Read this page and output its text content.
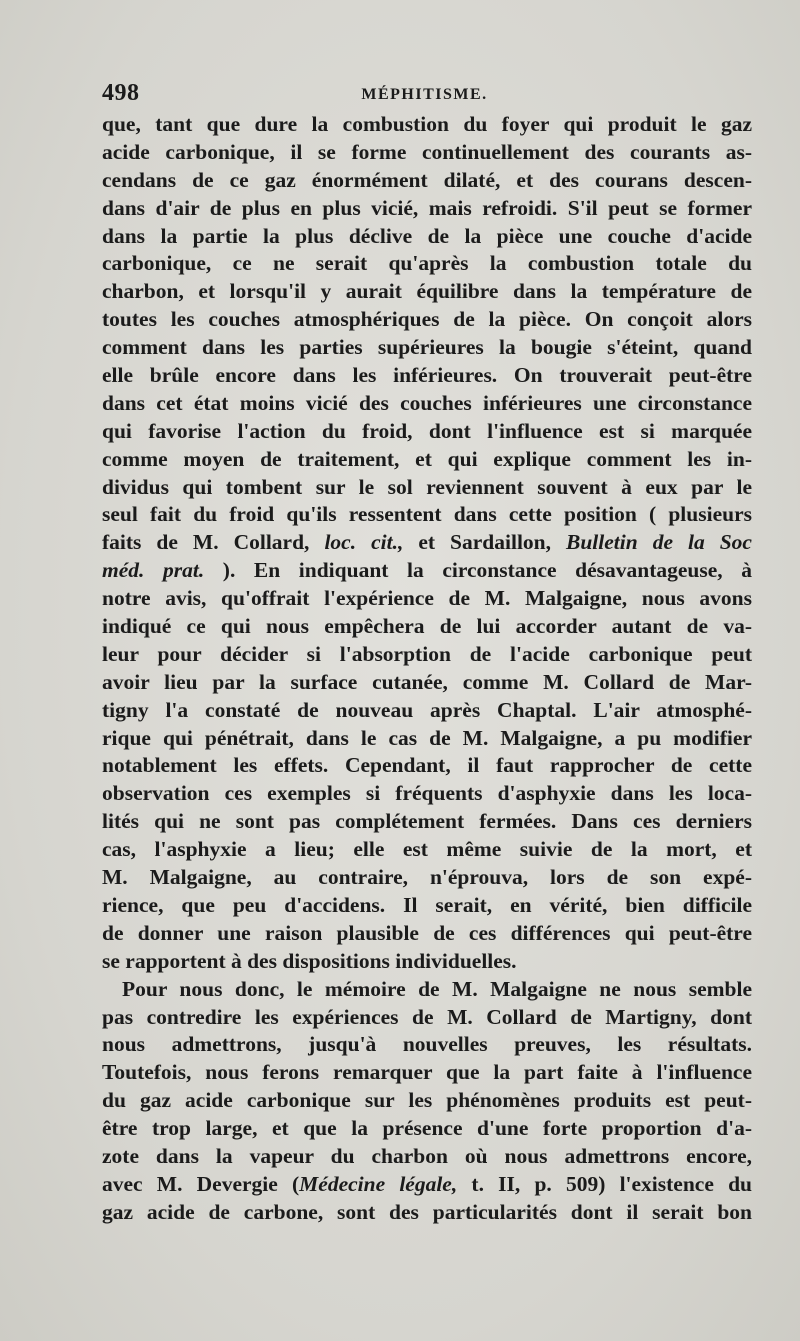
498	MÉPHITISME.
que, tant que dure la combustion du foyer qui produit le gaz
acide carbonique, il se forme continuellement des courants as-
cendans de ce gaz énormément dilaté, et des courans descen-
dans d'air de plus en plus vicié, mais refroidi. S'il peut se former
dans la partie la plus déclive de la pièce une couche d'acide
carbonique, ce ne serait qu'après la combustion totale du
charbon, et lorsqu'il y aurait équilibre dans la température de
toutes les couches atmosphériques de la pièce. On conçoit alors
comment dans les parties supérieures la bougie s'éteint, quand
elle brûle encore dans les inférieures. On trouverait peut-être
dans cet état moins vicié des couches inférieures une circonstance
qui favorise l'action du froid, dont l'influence est si marquée
comme moyen de traitement, et qui explique comment les in-
dividus qui tombent sur le sol reviennent souvent à eux par le
seul fait du froid qu'ils ressentent dans cette position ( plusieurs
faits de M. Collard, loc. cit., et Sardaillon, Bulletin de la Soc
méd. prat. ). En indiquant la circonstance désavantageuse, à
notre avis, qu'offrait l'expérience de M. Malgaigne, nous avons
indiqué ce qui nous empêchera de lui accorder autant de va-
leur pour décider si l'absorption de l'acide carbonique peut
avoir lieu par la surface cutanée, comme M. Collard de Mar-
tigny l'a constaté de nouveau après Chaptal. L'air atmosphé-
rique qui pénétrait, dans le cas de M. Malgaigne, a pu modifier
notablement les effets. Cependant, il faut rapprocher de cette
observation ces exemples si fréquents d'asphyxie dans les loca-
lités qui ne sont pas complétement fermées. Dans ces derniers
cas, l'asphyxie a lieu; elle est même suivie de la mort, et
M. Malgaigne, au contraire, n'éprouva, lors de son expé-
rience, que peu d'accidens. Il serait, en vérité, bien difficile
de donner une raison plausible de ces différences qui peut-être
se rapportent à des dispositions individuelles.
Pour nous donc, le mémoire de M. Malgaigne ne nous semble
pas contredire les expériences de M. Collard de Martigny, dont
nous admettrons, jusqu'à nouvelles preuves, les résultats.
Toutefois, nous ferons remarquer que la part faite à l'influence
du gaz acide carbonique sur les phénomènes produits est peut-
être trop large, et que la présence d'une forte proportion d'a-
zote dans la vapeur du charbon où nous admettrons encore,
avec M. Devergie (Médecine légale, t. II, p. 509) l'existence du
gaz acide de carbone, sont des particularités dont il serait bon
